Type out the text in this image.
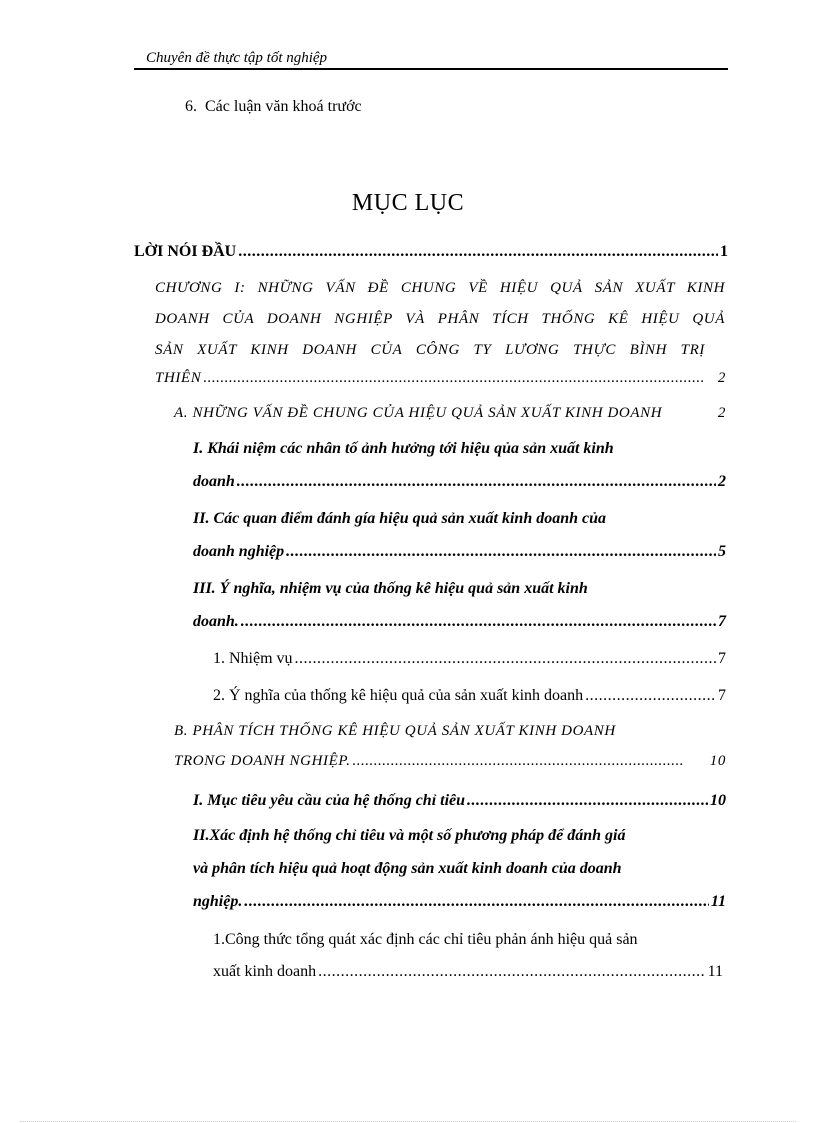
Chuyên đề thực tập tốt nghiệp
6. Các luận văn khoá trước
MỤC LỤC
LỜI NÓI ĐẦU .....	1
CHƯƠNG I: NHỮNG VẤN ĐỀ CHUNG VỀ HIỆU QUẢ SẢN XUẤT KINH
DOANH CỦA DOANH NGHIỆP VÀ PHÂN TÍCH THỐNG KÊ HIỆU QUẢ
SẢN XUẤT KINH DOANH CỦA CÔNG TY LƯƠNG THỰC BÌNH TRỊ
THIÊN .....	2
A. NHỮNG VẤN ĐỀ CHUNG CỦA HIỆU QUẢ SẢN XUẤT KINH DOANH	2
I. Khái niệm các nhân tố ảnh hưởng tới hiệu qủa sản xuất kinh
doanh .....	2
II. Các quan điểm đánh gía hiệu quả sản xuất kinh doanh của
doanh nghiệp .....	5
III. Ý nghĩa, nhiệm vụ của thống kê hiệu quả sản xuất kinh
doanh. .....	7
1. Nhiệm vụ .....	7
2. Ý nghĩa của thống kê hiệu quả của sản xuất kinh doanh .....	7
B. PHÂN TÍCH THỐNG KÊ HIỆU QUẢ SẢN XUẤT KINH DOANH
TRONG DOANH NGHIỆP. .....	10
I. Mục tiêu yêu cầu của hệ thống chỉ tiêu .....	10
II.Xác định hệ thống chỉ tiêu và một số phương pháp để đánh giá
và phân tích hiệu quả hoạt động sản xuất kinh doanh của doanh
nghiệp. .....	11
1.Công thức tổng quát xác định các chỉ tiêu phản ánh hiệu quả sản
xuất kinh doanh .....	11
